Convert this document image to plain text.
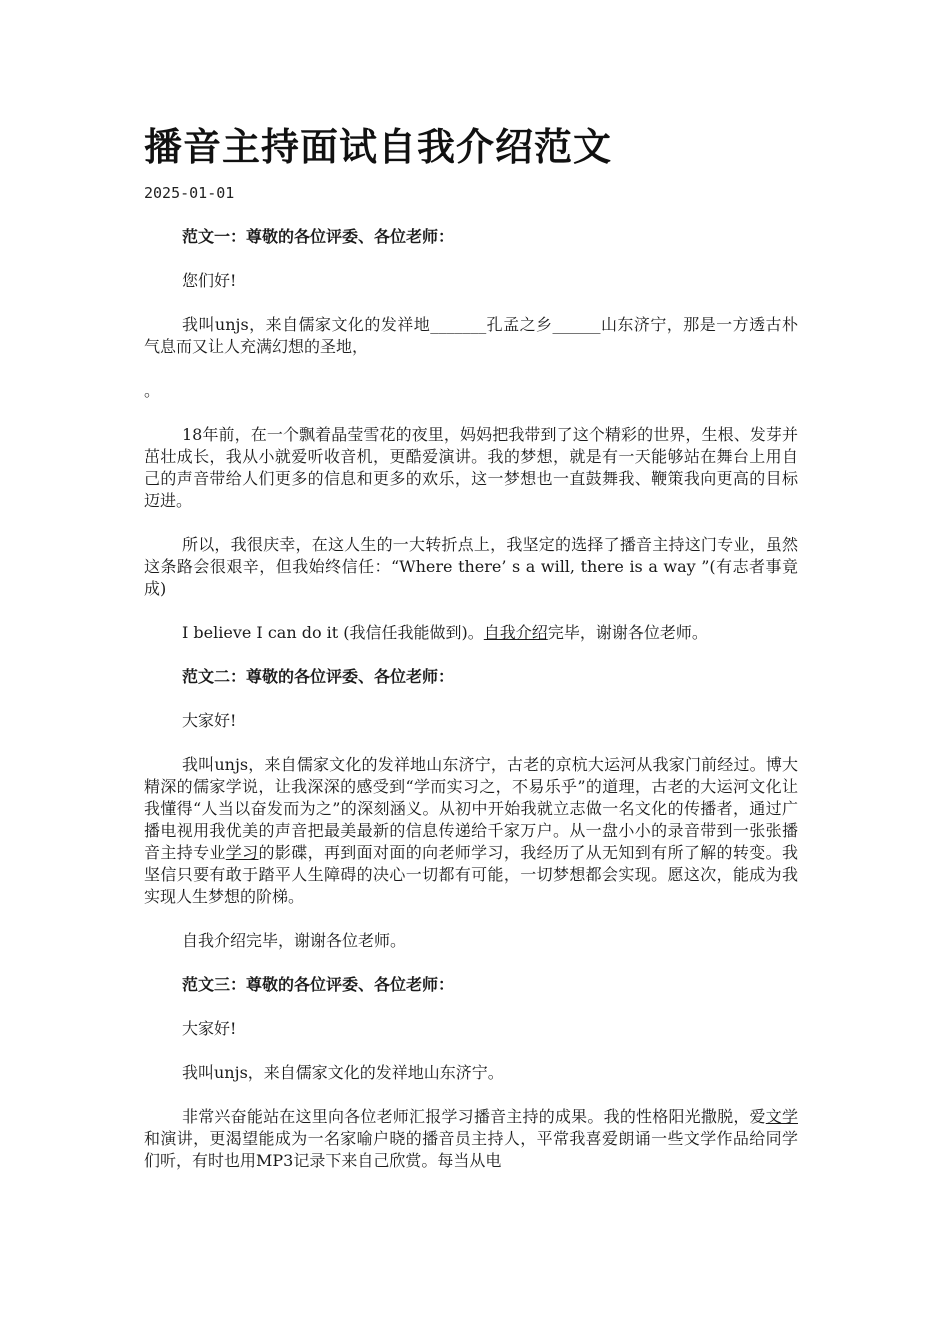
播音主持面试自我介绍范文
2025-01-01

范文一：尊敬的各位评委、各位老师：

您们好!

我叫unjs，来自儒家文化的发祥地_______孔孟之乡______山东济宁，那是一方透古朴气息而又让人充满幻想的圣地，

。

18年前，在一个飘着晶莹雪花的夜里，妈妈把我带到了这个精彩的世界，生根、发芽并茁壮成长，我从小就爱听收音机，更酷爱演讲。我的梦想，就是有一天能够站在舞台上用自己的声音带给人们更多的信息和更多的欢乐，这一梦想也一直鼓舞我、鞭策我向更高的目标迈进。

所以，我很庆幸，在这人生的一大转折点上，我坚定的选择了播音主持这门专业，虽然这条路会很艰辛，但我始终信任：“Where there’ s a will, there is a way ”(有志者事竟成)

I believe I can do it (我信任我能做到)。自我介绍完毕，谢谢各位老师。

范文二：尊敬的各位评委、各位老师：

大家好!

我叫unjs，来自儒家文化的发祥地山东济宁，古老的京杭大运河从我家门前经过。博大精深的儒家学说，让我深深的感受到“学而实习之，不易乐乎”的道理，古老的大运河文化让我懂得“人当以奋发而为之”的深刻涵义。从初中开始我就立志做一名文化的传播者，通过广播电视用我优美的声音把最美最新的信息传递给千家万户。从一盘小小的录音带到一张张播音主持专业学习的影碟，再到面对面的向老师学习，我经历了从无知到有所了解的转变。我坚信只要有敢于踏平人生障碍的决心一切都有可能，一切梦想都会实现。愿这次，能成为我实现人生梦想的阶梯。

自我介绍完毕，谢谢各位老师。

范文三：尊敬的各位评委、各位老师：

大家好!

我叫unjs，来自儒家文化的发祥地山东济宁。

非常兴奋能站在这里向各位老师汇报学习播音主持的成果。我的性格阳光撒脱，爱文学和演讲，更渴望能成为一名家喻户晓的播音员主持人，平常我喜爱朗诵一些文学作品给同学们听，有时也用MP3记录下来自己欣赏。每当从电
